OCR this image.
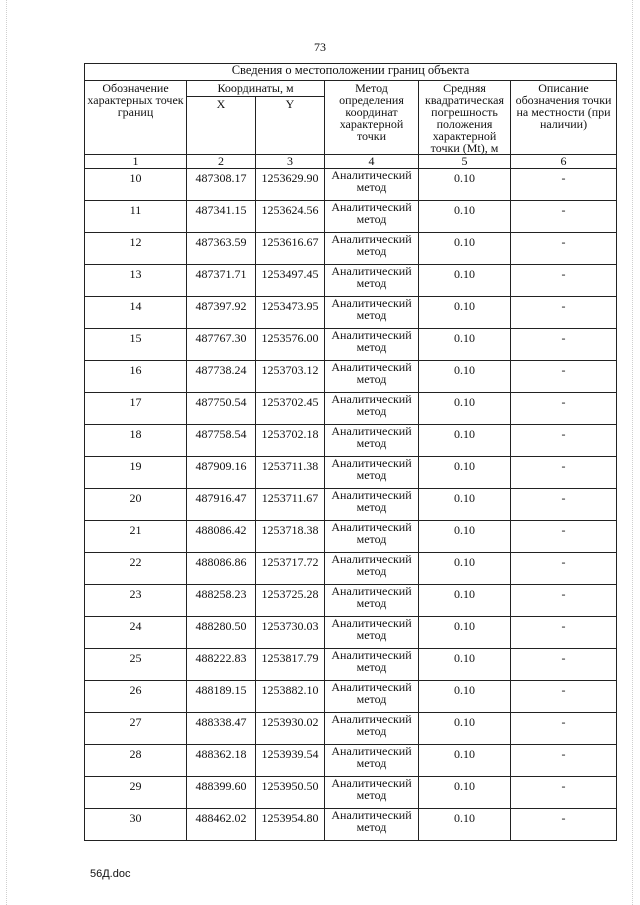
73
Сведения о местоположении границ объекта					
Обозначение характерных точек границ	Координаты, м		Метод определения координат характерной точки	Средняя квадратическая погрешность положения характерной точки (Mt), м	Описание обозначения точки на местности (при наличии)
	X	Y			
1	2	3	4	5	6
10	487308.17	1253629.90	Аналитический метод	0.10	-
11	487341.15	1253624.56	Аналитический метод	0.10	-
12	487363.59	1253616.67	Аналитический метод	0.10	-
13	487371.71	1253497.45	Аналитический метод	0.10	-
14	487397.92	1253473.95	Аналитический метод	0.10	-
15	487767.30	1253576.00	Аналитический метод	0.10	-
16	487738.24	1253703.12	Аналитический метод	0.10	-
17	487750.54	1253702.45	Аналитический метод	0.10	-
18	487758.54	1253702.18	Аналитический метод	0.10	-
19	487909.16	1253711.38	Аналитический метод	0.10	-
20	487916.47	1253711.67	Аналитический метод	0.10	-
21	488086.42	1253718.38	Аналитический метод	0.10	-
22	488086.86	1253717.72	Аналитический метод	0.10	-
23	488258.23	1253725.28	Аналитический метод	0.10	-
24	488280.50	1253730.03	Аналитический метод	0.10	-
25	488222.83	1253817.79	Аналитический метод	0.10	-
26	488189.15	1253882.10	Аналитический метод	0.10	-
27	488338.47	1253930.02	Аналитический метод	0.10	-
28	488362.18	1253939.54	Аналитический метод	0.10	-
29	488399.60	1253950.50	Аналитический метод	0.10	-
30	488462.02	1253954.80	Аналитический метод	0.10	-
56Д.doc
